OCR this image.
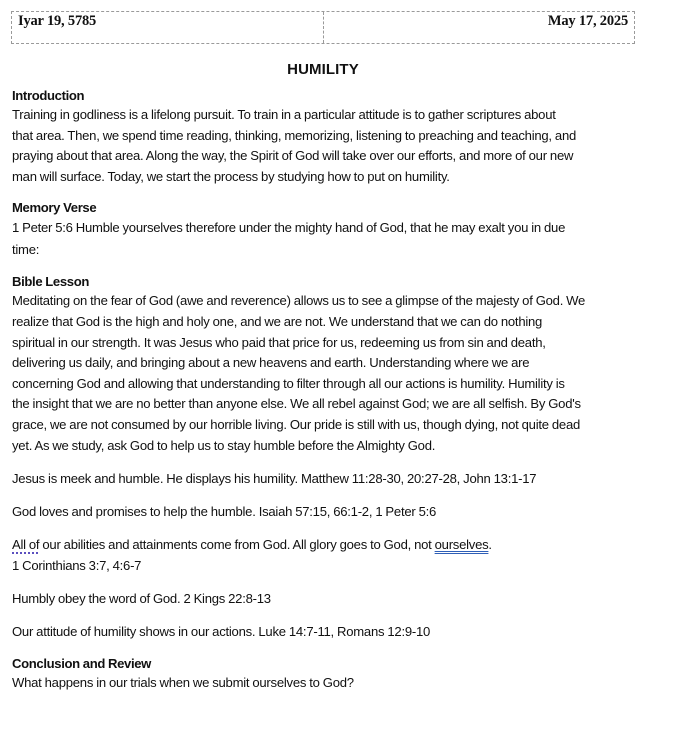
Iyar 19, 5785	May 17, 2025
HUMILITY

Introduction

Training in godliness is a lifelong pursuit. To train in a particular attitude is to gather scriptures about
that area. Then, we spend time reading, thinking, memorizing, listening to preaching and teaching, and
praying about that area. Along the way, the Spirit of God will take over our efforts, and more of our new
man will surface. Today, we start the process by studying how to put on humility.

Memory Verse

1 Peter 5:6 Humble yourselves therefore under the mighty hand of God, that he may exalt you in due
time:

Bible Lesson

Meditating on the fear of God (awe and reverence) allows us to see a glimpse of the majesty of God. We
realize that God is the high and holy one, and we are not. We understand that we can do nothing
spiritual in our strength. It was Jesus who paid that price for us, redeeming us from sin and death,
delivering us daily, and bringing about a new heavens and earth. Understanding where we are
concerning God and allowing that understanding to filter through all our actions is humility. Humility is
the insight that we are no better than anyone else. We all rebel against God; we are all selfish. By God's
grace, we are not consumed by our horrible living. Our pride is still with us, though dying, not quite dead
yet. As we study, ask God to help us to stay humble before the Almighty God.

Jesus is meek and humble. He displays his humility. Matthew 11:28-30, 20:27-28, John 13:1-17

God loves and promises to help the humble. Isaiah 57:15, 66:1-2, 1 Peter 5:6

All of our abilities and attainments come from God. All glory goes to God, not ourselves.
1 Corinthians 3:7, 4:6-7

Humbly obey the word of God. 2 Kings 22:8-13

Our attitude of humility shows in our actions. Luke 14:7-11, Romans 12:9-10

Conclusion and Review

What happens in our trials when we submit ourselves to God?
